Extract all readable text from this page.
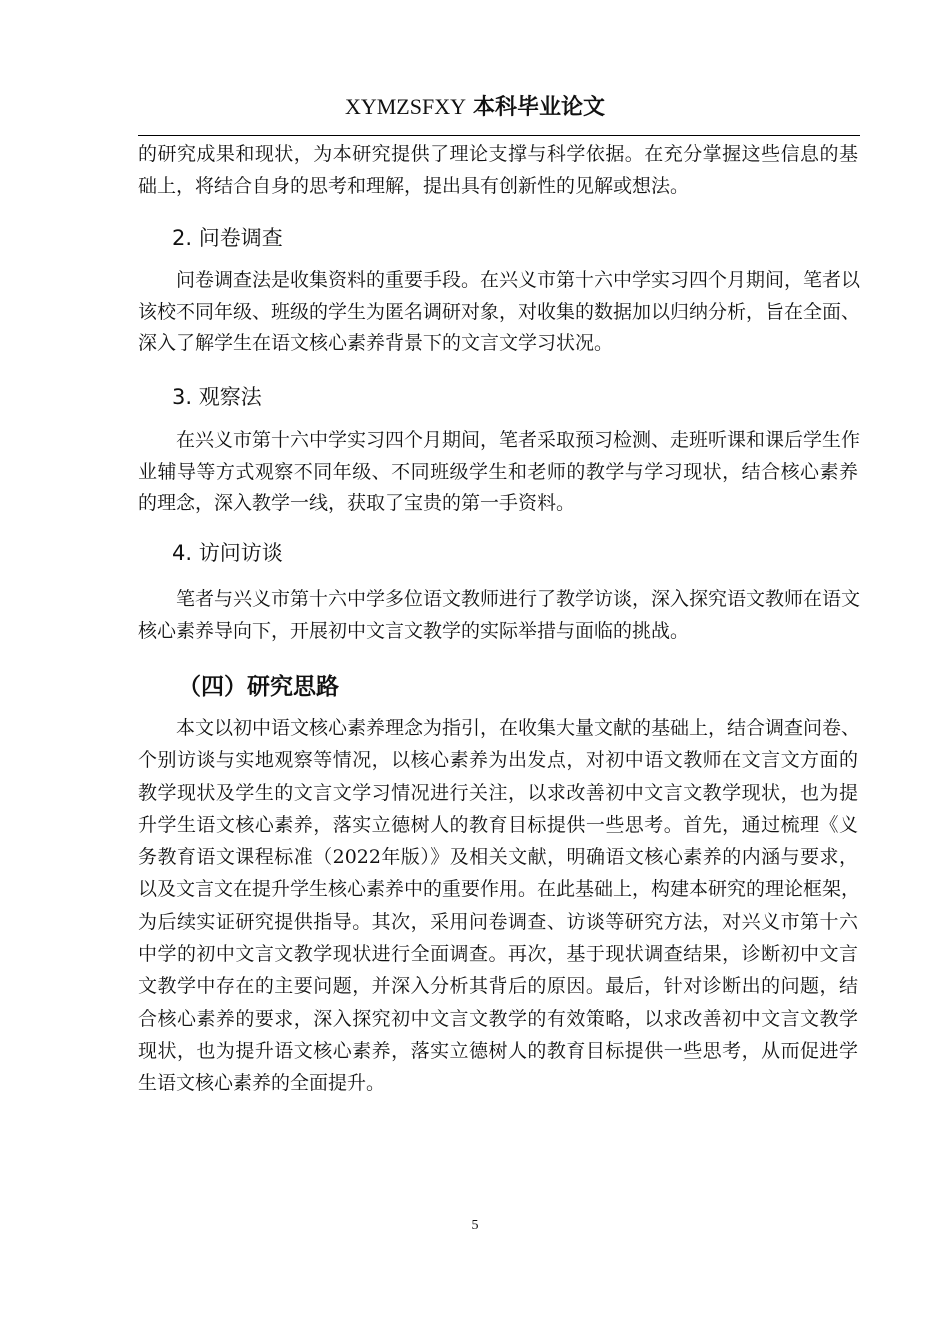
XYMZSFXY 本科毕业论文
的研究成果和现状，为本研究提供了理论支撑与科学依据。在充分掌握这些信息的基
础上，将结合自身的思考和理解，提出具有创新性的见解或想法。
2. 问卷调查
问卷调查法是收集资料的重要手段。在兴义市第十六中学实习四个月期间，笔者以
该校不同年级、班级的学生为匿名调研对象，对收集的数据加以归纳分析，旨在全面、
深入了解学生在语文核心素养背景下的文言文学习状况。
3. 观察法
在兴义市第十六中学实习四个月期间，笔者采取预习检测、走班听课和课后学生作
业辅导等方式观察不同年级、不同班级学生和老师的教学与学习现状，结合核心素养
的理念，深入教学一线，获取了宝贵的第一手资料。
4. 访问访谈
笔者与兴义市第十六中学多位语文教师进行了教学访谈，深入探究语文教师在语文
核心素养导向下，开展初中文言文教学的实际举措与面临的挑战。
（四）研究思路
本文以初中语文核心素养理念为指引，在收集大量文献的基础上，结合调查问卷、
个别访谈与实地观察等情况，以核心素养为出发点，对初中语文教师在文言文方面的
教学现状及学生的文言文学习情况进行关注，以求改善初中文言文教学现状，也为提
升学生语文核心素养，落实立德树人的教育目标提供一些思考。首先，通过梳理《义
务教育语文课程标准（2022年版）》及相关文献，明确语文核心素养的内涵与要求，
以及文言文在提升学生核心素养中的重要作用。在此基础上，构建本研究的理论框架，
为后续实证研究提供指导。其次，采用问卷调查、访谈等研究方法，对兴义市第十六
中学的初中文言文教学现状进行全面调查。再次，基于现状调查结果，诊断初中文言
文教学中存在的主要问题，并深入分析其背后的原因。最后，针对诊断出的问题，结
合核心素养的要求，深入探究初中文言文教学的有效策略，以求改善初中文言文教学
现状，也为提升语文核心素养，落实立德树人的教育目标提供一些思考，从而促进学
生语文核心素养的全面提升。
5
